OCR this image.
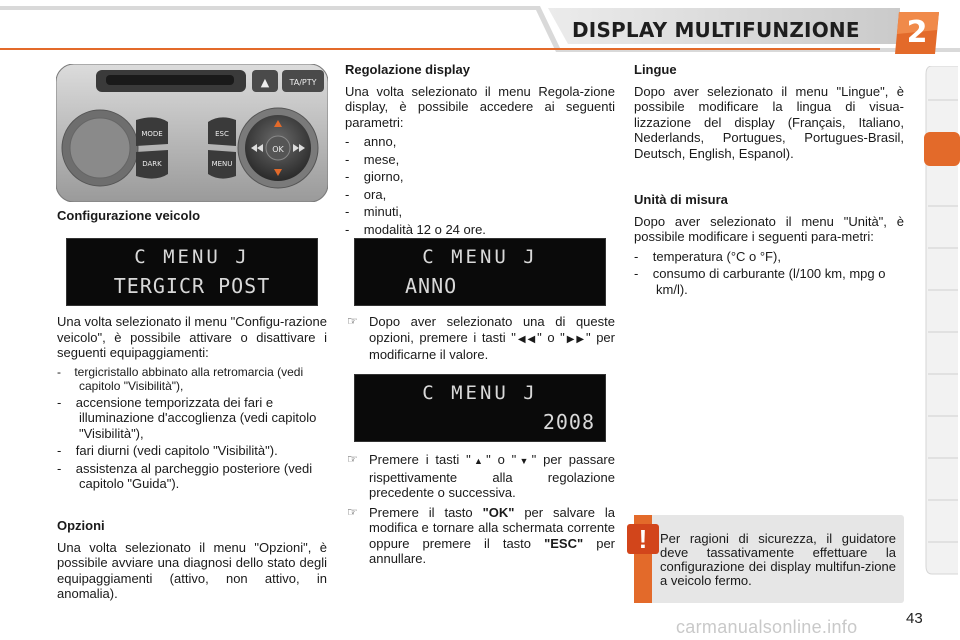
DISPLAY MULTIFUNZIONE	2
▲	TA/PTY
MODE
DARK
ESC
MENU
OK
Configurazione veicolo
C MENU J
TERGICR POST

Una volta selezionato il menu "Configu-razione veicolo", è possibile attivare o disattivare i seguenti equipaggiamenti:

-    tergicristallo abbinato alla retromarcia (vedi capitolo "Visibilità"),
-    accensione temporizzata dei fari e illuminazione d'accoglienza (vedi capitolo "Visibilità"),
-    fari diurni (vedi capitolo "Visibilità").
-    assistenza al parcheggio posteriore (vedi capitolo "Guida").
Opzioni

Una volta selezionato il menu "Opzioni", è possibile avviare una diagnosi dello stato degli equipaggiamenti (attivo, non attivo, in anomalia).

Regolazione display

Una volta selezionato il menu Regola-zione display, è possibile accedere ai seguenti parametri:

-    anno,
-    mese,
-    giorno,
-    ora,
-    minuti,
-    modalità 12 o 24 ore.
C MENU J
ANNO
☞ Dopo aver selezionato una di queste opzioni, premere i tasti "◀◀" o "▶▶" per modificarne il valore.
C MENU J
2008
☞ Premere i tasti "▲" o "▼" per passare rispettivamente alla regolazione precedente o successiva.
☞ Premere il tasto "OK" per salvare la modifica e tornare alla schermata corrente oppure premere il tasto "ESC" per annullare.
Lingue

Dopo aver selezionato il menu "Lingue", è possibile modificare la lingua di visua-lizzazione del display (Français, Italiano, Nederlands, Portugues, Portugues-Brasil, Deutsch, English, Espanol).

Unità di misura

Dopo aver selezionato il menu "Unità", è possibile modificare i seguenti para-metri:

-    temperatura (°C o °F),
-    consumo di carburante (l/100 km, mpg o km/l).
! Per ragioni di sicurezza, il guidatore deve tassativamente effettuare la configurazione dei display multifun-zione a veicolo fermo.
carmanualsonline.info	43
